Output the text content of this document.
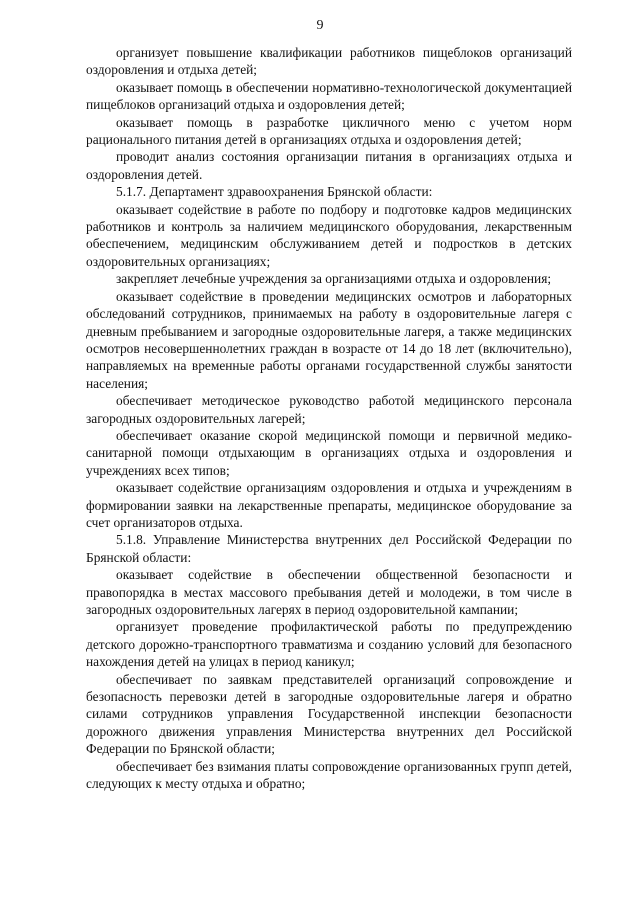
9

организует повышение квалификации работников пищеблоков организаций оздоровления и отдыха детей;

оказывает помощь в обеспечении нормативно-технологической документацией пищеблоков организаций отдыха и оздоровления детей;

оказывает помощь в разработке цикличного меню с учетом норм рационального питания детей в организациях отдыха и оздоровления детей;

проводит анализ состояния организации питания в организациях отдыха и оздоровления детей.

5.1.7. Департамент здравоохранения Брянской области:

оказывает содействие в работе по подбору и подготовке кадров медицинских работников и контроль за наличием медицинского оборудования, лекарственным обеспечением, медицинским обслуживанием детей и подростков в детских оздоровительных организациях;

закрепляет лечебные учреждения за организациями отдыха и оздоровления;

оказывает содействие в проведении медицинских осмотров и лабораторных обследований сотрудников, принимаемых на работу в оздоровительные лагеря с дневным пребыванием и загородные оздоровительные лагеря, а также медицинских осмотров несовершеннолетних граждан в возрасте от 14 до 18 лет (включительно), направляемых на временные работы органами государственной службы занятости населения;

обеспечивает методическое руководство работой медицинского персонала загородных оздоровительных лагерей;

обеспечивает оказание скорой медицинской помощи и первичной медико-санитарной помощи отдыхающим в организациях отдыха и оздоровления и учреждениях всех типов;

оказывает содействие организациям оздоровления и отдыха и учреждениям в формировании заявки на лекарственные препараты, медицинское оборудование за счет организаторов отдыха.

5.1.8. Управление Министерства внутренних дел Российской Федерации по Брянской области:

оказывает содействие в обеспечении общественной безопасности и правопорядка в местах массового пребывания детей и молодежи, в том числе в загородных оздоровительных лагерях в период оздоровительной кампании;

организует проведение профилактической работы по предупреждению детского дорожно-транспортного травматизма и созданию условий для безопасного нахождения детей на улицах в период каникул;

обеспечивает по заявкам представителей организаций сопровождение и безопасность перевозки детей в загородные оздоровительные лагеря и обратно силами сотрудников управления Государственной инспекции безопасности дорожного движения управления Министерства внутренних дел Российской Федерации по Брянской области;

обеспечивает без взимания платы сопровождение организованных групп детей, следующих к месту отдыха и обратно;
